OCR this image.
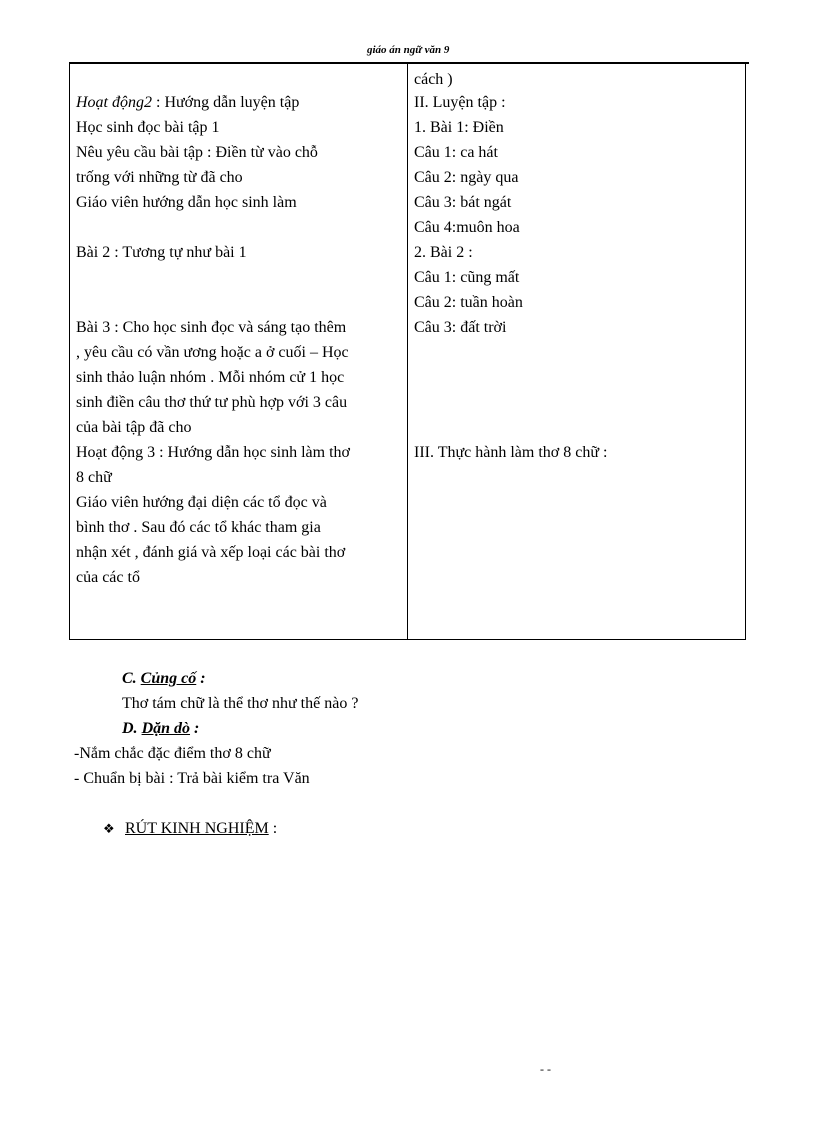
giáo án ngữ văn 9
Hoạt động2 : Hướng dẫn luyện tập
Học sinh đọc bài tập 1
Nêu yêu cầu bài tập : Điền từ vào chỗ
trống với những từ đã cho
Giáo viên hướng dẫn học sinh làm
Bài 2 : Tương tự như bài 1
Bài 3 : Cho học sinh đọc và sáng tạo thêm
, yêu cầu có vần ương hoặc a ở cuối – Học
sinh thảo luận nhóm . Mỗi nhóm cử 1 học
sinh điền câu thơ thứ tư phù hợp với 3 câu
của bài tập đã cho
Hoạt động 3 : Hướng dẫn học sinh làm thơ
8 chữ
Giáo viên hướng đại diện các tổ đọc và
bình thơ . Sau đó các tổ khác tham gia
nhận xét , đánh giá và xếp loại các bài thơ
của các tổ
cách )
II. Luyện tập :
1. Bài 1: Điền
Câu 1: ca hát
Câu 2: ngày qua
Câu 3: bát ngát
Câu 4:muôn hoa
2. Bài 2 :
Câu 1: cũng mất
Câu 2: tuần hoàn
Câu 3: đất trời
III. Thực hành làm thơ 8 chữ :
C. Củng cố :
Thơ tám chữ là thể thơ như thế nào ?
D. Dặn dò :
-Nắm chắc đặc điểm thơ 8 chữ
- Chuẩn bị bài : Trả bài kiểm tra Văn
❖ RÚT KINH NGHIỆM :
- -
